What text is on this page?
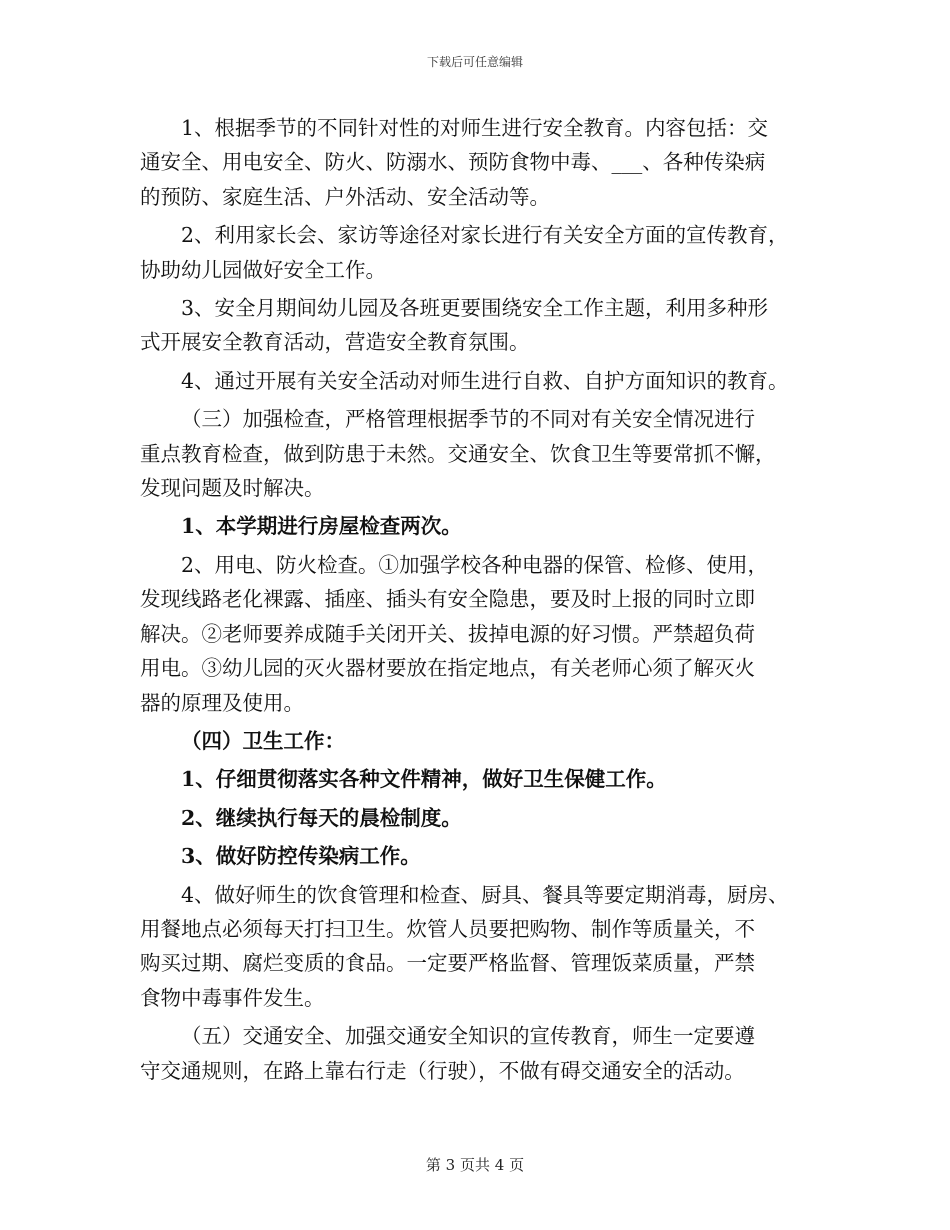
下载后可任意编辑
1、根据季节的不同针对性的对师生进行安全教育。内容包括：交
通安全、用电安全、防火、防溺水、预防食物中毒、___、各种传染病
的预防、家庭生活、户外活动、安全活动等。
2、利用家长会、家访等途径对家长进行有关安全方面的宣传教育，
协助幼儿园做好安全工作。
3、安全月期间幼儿园及各班更要围绕安全工作主题，利用多种形
式开展安全教育活动，营造安全教育氛围。
4、通过开展有关安全活动对师生进行自救、自护方面知识的教育。
（三）加强检查，严格管理根据季节的不同对有关安全情况进行
重点教育检查，做到防患于未然。交通安全、饮食卫生等要常抓不懈，
发现问题及时解决。
1、本学期进行房屋检查两次。
2、用电、防火检查。①加强学校各种电器的保管、检修、使用，
发现线路老化裸露、插座、插头有安全隐患，要及时上报的同时立即
解决。②老师要养成随手关闭开关、拔掉电源的好习惯。严禁超负荷
用电。③幼儿园的灭火器材要放在指定地点，有关老师心须了解灭火
器的原理及使用。
（四）卫生工作：
1、仔细贯彻落实各种文件精神，做好卫生保健工作。
2、继续执行每天的晨检制度。
3、做好防控传染病工作。
4、做好师生的饮食管理和检查、厨具、餐具等要定期消毒，厨房、
用餐地点必须每天打扫卫生。炊管人员要把购物、制作等质量关，不
购买过期、腐烂变质的食品。一定要严格监督、管理饭菜质量，严禁
食物中毒事件发生。
（五）交通安全、加强交通安全知识的宣传教育，师生一定要遵
守交通规则，在路上靠右行走（行驶），不做有碍交通安全的活动。
第 3 页共 4 页
